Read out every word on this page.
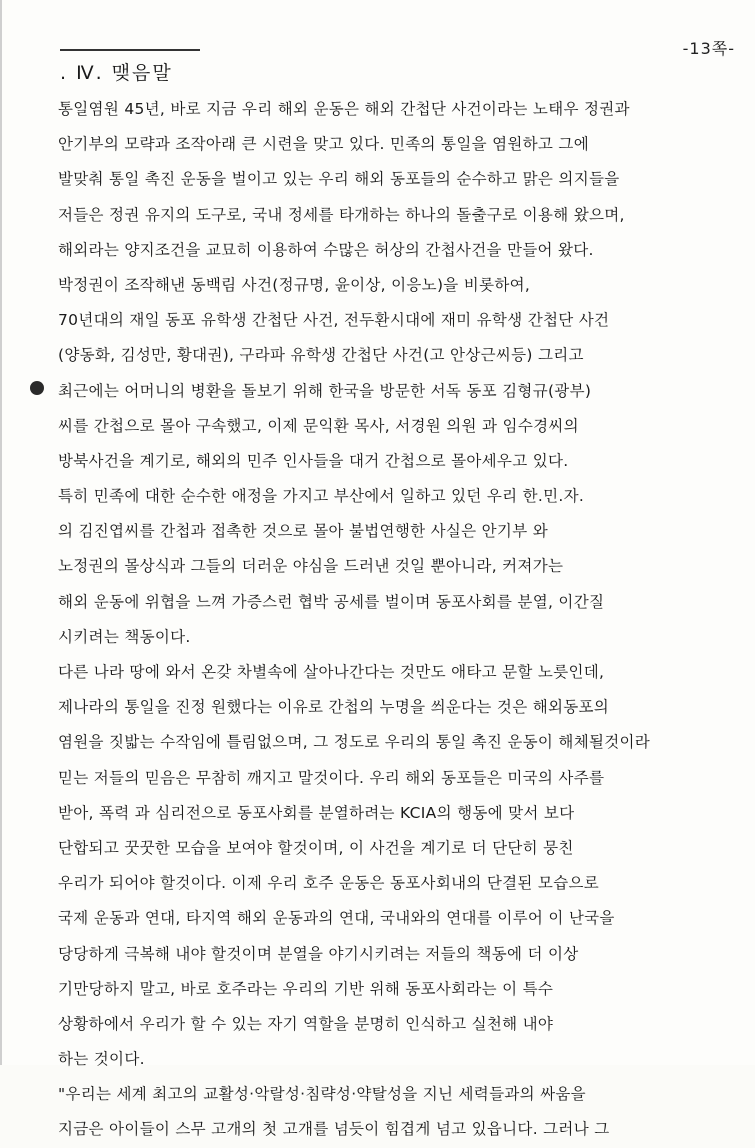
-13쪽-
. Ⅳ. 맺음말
통일염원 45년, 바로 지금 우리 해외 운동은 해외 간첩단 사건이라는 노태우 정권과
안기부의 모략과 조작아래 큰 시련을 맞고 있다. 민족의 통일을 염원하고 그에
발맞춰 통일 촉진 운동을 벌이고 있는 우리 해외 동포들의 순수하고 맑은 의지들을
저들은 정권 유지의 도구로, 국내 정세를 타개하는 하나의 돌출구로 이용해 왔으며,
해외라는 양지조건을 교묘히 이용하여 수많은 허상의 간첩사건을 만들어 왔다.
박정권이 조작해낸 동백림 사건(정규명, 윤이상, 이응노)을 비롯하여,
70년대의 재일 동포 유학생 간첩단 사건, 전두환시대에 재미 유학생 간첩단 사건
(양동화, 김성만, 황대권), 구라파 유학생 간첩단 사건(고 안상근씨등) 그리고
최근에는 어머니의 병환을 돌보기 위해 한국을 방문한 서독 동포 김형규(광부)
씨를 간첩으로 몰아 구속했고, 이제 문익환 목사, 서경원 의원 과 임수경씨의
방북사건을 계기로, 해외의 민주 인사들을 대거 간첩으로 몰아세우고 있다.
특히 민족에 대한 순수한 애정을 가지고 부산에서 일하고 있던 우리 한.민.자.
의 김진엽씨를 간첩과 접촉한 것으로 몰아 불법연행한 사실은 안기부 와
노정권의 몰상식과 그들의 더러운 야심을 드러낸 것일 뿐아니라, 커져가는
해외 운동에 위협을 느껴 가증스런 협박 공세를 벌이며 동포사회를 분열, 이간질
시키려는 책동이다.
다른 나라 땅에 와서 온갖 차별속에 살아나간다는 것만도 애타고 문할 노릇인데,
제나라의 통일을 진정 원했다는 이유로 간첩의 누명을 씌운다는 것은 해외동포의
염원을 짓밟는 수작임에 틀림없으며, 그 정도로 우리의 통일 촉진 운동이 해체될것이라
믿는 저들의 믿음은 무참히 깨지고 말것이다. 우리 해외 동포들은 미국의 사주를
받아, 폭력 과 심리전으로 동포사회를 분열하려는 KCIA의 행동에 맞서 보다
단합되고 꿋꿋한 모습을 보여야 할것이며, 이 사건을 계기로 더 단단히 뭉친
우리가 되어야 할것이다. 이제 우리 호주 운동은 동포사회내의 단결된 모습으로
국제 운동과 연대, 타지역 해외 운동과의 연대, 국내와의 연대를 이루어 이 난국을
당당하게 극복해 내야 할것이며 분열을 야기시키려는 저들의 책동에 더 이상
기만당하지 말고, 바로 호주라는 우리의 기반 위해 동포사회라는 이 특수
상황하에서 우리가 할 수 있는 자기 역할을 분명히 인식하고 실천해 내야
하는 것이다.
"우리는 세계 최고의 교활성·악랄성·침략성·약탈성을 지닌 세력들과의 싸움을
지금은 아이들이 스무 고개의 첫 고개를 넘듯이 힘겹게 넘고 있읍니다. 그러나 그
